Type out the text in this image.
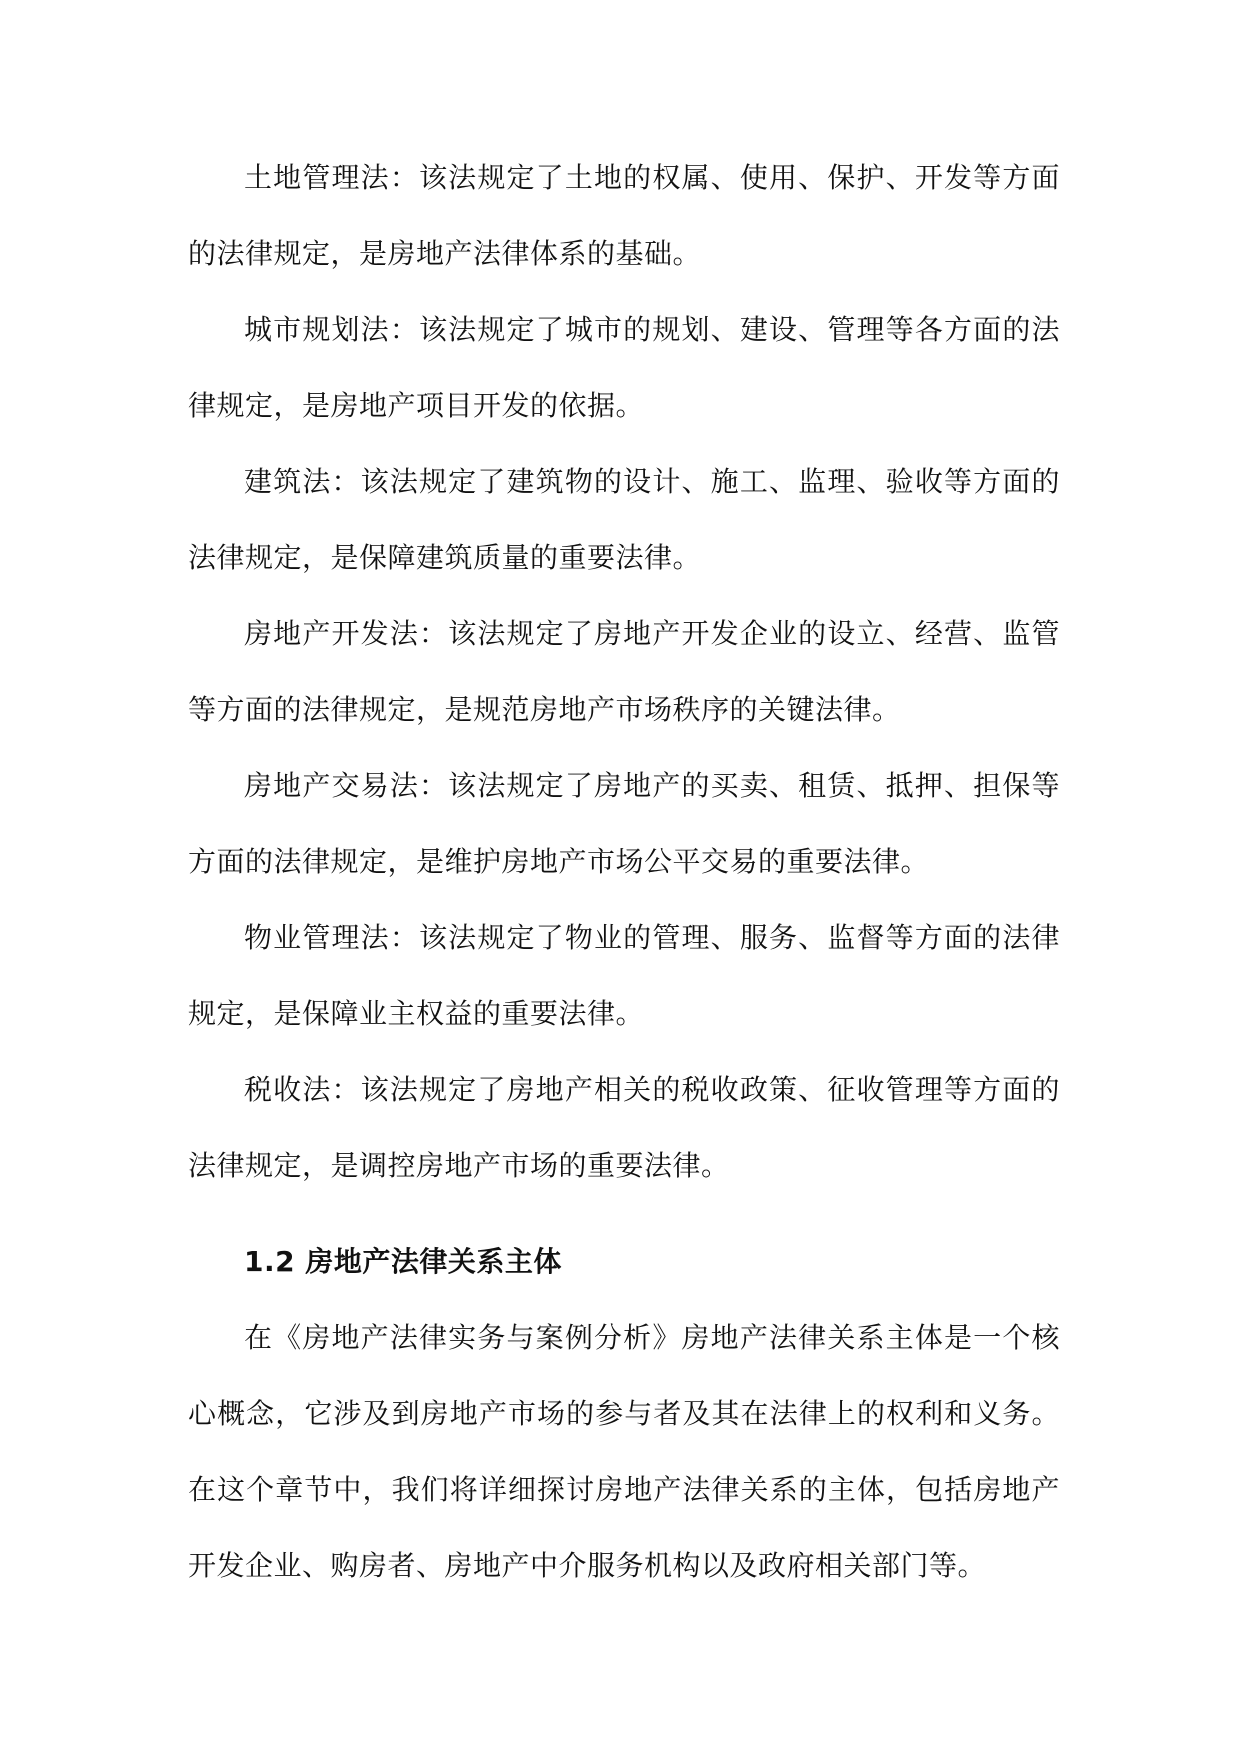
土地管理法：该法规定了土地的权属、使用、保护、开发等方面的法律规定，是房地产法律体系的基础。

城市规划法：该法规定了城市的规划、建设、管理等各方面的法律规定，是房地产项目开发的依据。

建筑法：该法规定了建筑物的设计、施工、监理、验收等方面的法律规定，是保障建筑质量的重要法律。

房地产开发法：该法规定了房地产开发企业的设立、经营、监管等方面的法律规定，是规范房地产市场秩序的关键法律。

房地产交易法：该法规定了房地产的买卖、租赁、抵押、担保等方面的法律规定，是维护房地产市场公平交易的重要法律。

物业管理法：该法规定了物业的管理、服务、监督等方面的法律规定，是保障业主权益的重要法律。

税收法：该法规定了房地产相关的税收政策、征收管理等方面的法律规定，是调控房地产市场的重要法律。

1.2 房地产法律关系主体

在《房地产法律实务与案例分析》房地产法律关系主体是一个核心概念，它涉及到房地产市场的参与者及其在法律上的权利和义务。在这个章节中，我们将详细探讨房地产法律关系的主体，包括房地产开发企业、购房者、房地产中介服务机构以及政府相关部门等。
